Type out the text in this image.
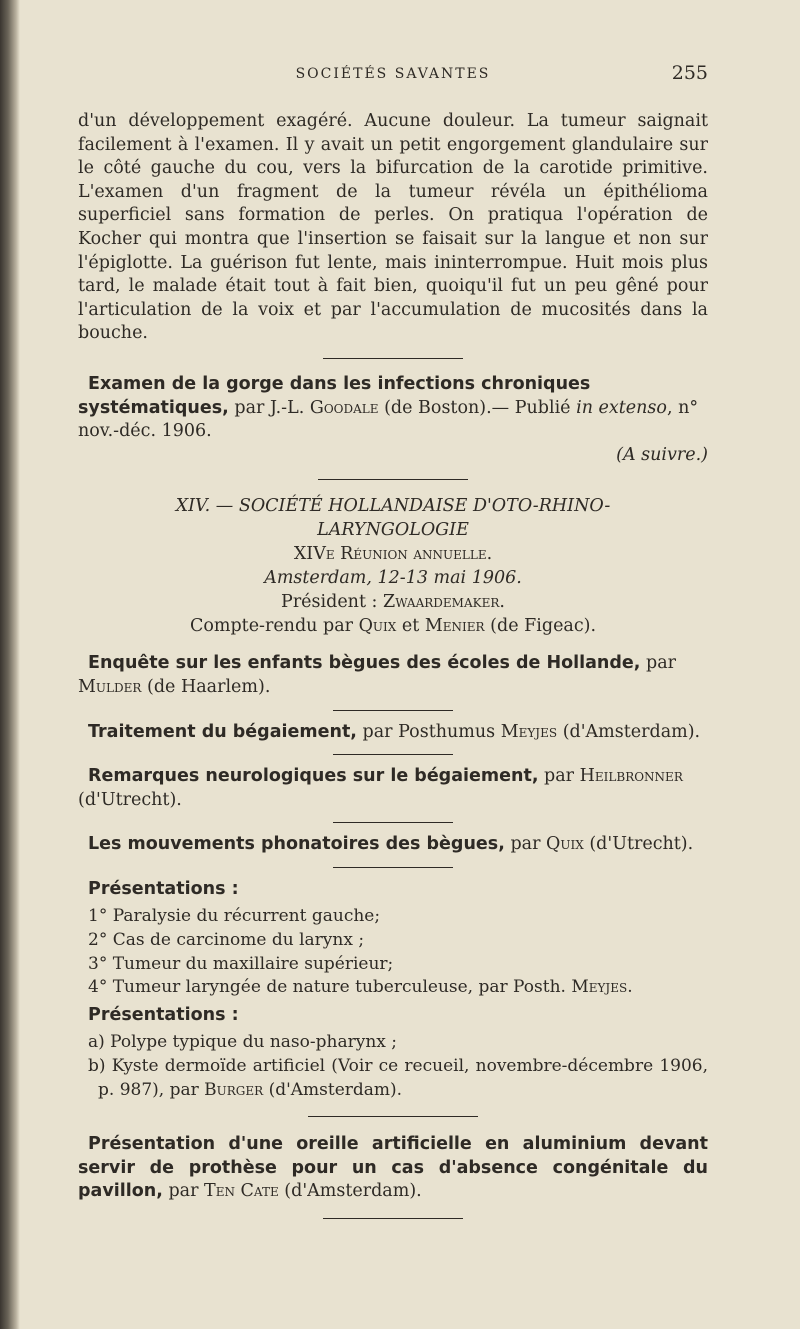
SOCIÉTÉS SAVANTES	255

d'un développement exagéré. Aucune douleur. La tumeur saignait facilement à l'examen. Il y avait un petit engorgement glandulaire sur le côté gauche du cou, vers la bifurcation de la carotide primitive. L'examen d'un fragment de la tumeur révéla un épithélioma superficiel sans formation de perles. On pratiqua l'opération de Kocher qui montra que l'insertion se faisait sur la langue et non sur l'épiglotte. La guérison fut lente, mais ininterrompue. Huit mois plus tard, le malade était tout à fait bien, quoiqu'il fut un peu gêné pour l'articulation de la voix et par l'accumulation de mucosités dans la bouche.

Examen de la gorge dans les infections chroniques systématiques, par J.-L. Goodale (de Boston).— Publié in extenso, n° nov.-déc. 1906.
(A suivre.)
XIV. — SOCIÉTÉ HOLLANDAISE D'OTO-RHINO-
LARYNGOLOGIE
XIVe Réunion annuelle.
Amsterdam, 12-13 mai 1906.
Président : Zwaardemaker.
Compte-rendu par Quix et Menier (de Figeac).
Enquête sur les enfants bègues des écoles de Hollande, par Mulder (de Haarlem).
Traitement du bégaiement, par Posthumus Meyjes (d'Amsterdam).
Remarques neurologiques sur le bégaiement, par Heilbronner (d'Utrecht).
Les mouvements phonatoires des bègues, par Quix (d'Utrecht).
Présentations :
1° Paralysie du récurrent gauche;
2° Cas de carcinome du larynx ;
3° Tumeur du maxillaire supérieur;
4° Tumeur laryngée de nature tuberculeuse, par Posth. Meyjes.
Présentations :
a) Polype typique du naso-pharynx ;
b) Kyste dermoïde artificiel (Voir ce recueil, novembre-décembre 1906, p. 987), par Burger (d'Amsterdam).
Présentation d'une oreille artificielle en aluminium devant servir de prothèse pour un cas d'absence congénitale du pavillon, par Ten Cate (d'Amsterdam).
